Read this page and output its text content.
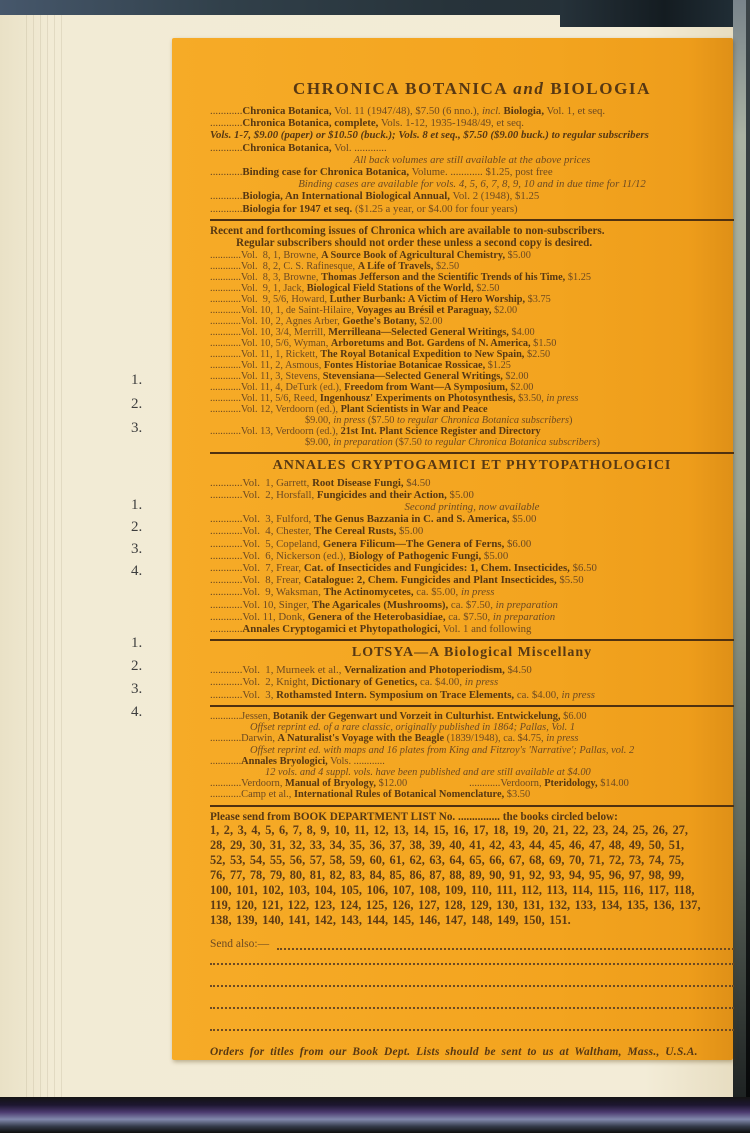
1.
2.
3.
1.
2.
3.
4.
1.
2.
3.
4.
CHRONICA BOTANICA and BIOLOGIA
............Chronica Botanica, Vol. 11 (1947/48), $7.50 (6 nno.), incl. Biologia, Vol. 1, et seq.
............Chronica Botanica, complete, Vols. 1-12, 1935-1948/49, et seq.
Vols. 1-7, $9.00 (paper) or $10.50 (buck.); Vols. 8 et seq., $7.50 ($9.00 buck.) to regular subscribers
............Chronica Botanica, Vol. ............
All back volumes are still available at the above prices
............Binding case for Chronica Botanica, Volume. ............ $1.25, post free
Binding cases are available for vols. 4, 5, 6, 7, 8, 9, 10 and in due time for 11/12
............Biologia, An International Biological Annual, Vol. 2 (1948), $1.25
............Biologia for 1947 et seq. ($1.25 a year, or $4.00 for four years)
Recent and forthcoming issues of Chronica which are available to non-subscribers.
Regular subscribers should not order these unless a second copy is desired.
............Vol.  8, 1, Browne, A Source Book of Agricultural Chemistry, $5.00
............Vol.  8, 2, C. S. Rafinesque, A Life of Travels, $2.50
............Vol.  8, 3, Browne, Thomas Jefferson and the Scientific Trends of his Time, $1.25
............Vol.  9, 1, Jack, Biological Field Stations of the World, $2.50
............Vol.  9, 5/6, Howard, Luther Burbank: A Victim of Hero Worship, $3.75
............Vol. 10, 1, de Saint-Hilaire, Voyages au Brésil et Paraguay, $2.00
............Vol. 10, 2, Agnes Arber, Goethe's Botany, $2.00
............Vol. 10, 3/4, Merrill, Merrilleana—Selected General Writings, $4.00
............Vol. 10, 5/6, Wyman, Arboretums and Bot. Gardens of N. America, $1.50
............Vol. 11, 1, Rickett, The Royal Botanical Expedition to New Spain, $2.50
............Vol. 11, 2, Asmous, Fontes Historiae Botanicae Rossicae, $1.25
............Vol. 11, 3, Stevens, Stevensiana—Selected General Writings, $2.00
............Vol. 11, 4, DeTurk (ed.), Freedom from Want—A Symposium, $2.00
............Vol. 11, 5/6, Reed, Ingenhousz' Experiments on Photosynthesis, $3.50, in press
............Vol. 12, Verdoorn (ed.), Plant Scientists in War and Peace
$9.00, in press ($7.50 to regular Chronica Botanica subscribers)
............Vol. 13, Verdoorn (ed.), 21st Int. Plant Science Register and Directory
$9.00, in preparation ($7.50 to regular Chronica Botanica subscribers)
ANNALES CRYPTOGAMICI ET PHYTOPATHOLOGICI
............Vol.  1, Garrett, Root Disease Fungi, $4.50
............Vol.  2, Horsfall, Fungicides and their Action, $5.00
Second printing, now available
............Vol.  3, Fulford, The Genus Bazzania in C. and S. America, $5.00
............Vol.  4, Chester, The Cereal Rusts, $5.00
............Vol.  5, Copeland, Genera Filicum—The Genera of Ferns, $6.00
............Vol.  6, Nickerson (ed.), Biology of Pathogenic Fungi, $5.00
............Vol.  7, Frear, Cat. of Insecticides and Fungicides: 1, Chem. Insecticides, $6.50
............Vol.  8, Frear, Catalogue: 2, Chem. Fungicides and Plant Insecticides, $5.50
............Vol.  9, Waksman, The Actinomycetes, ca. $5.00, in press
............Vol. 10, Singer, The Agaricales (Mushrooms), ca. $7.50, in preparation
............Vol. 11, Donk, Genera of the Heterobasidiae, ca. $7.50, in preparation
............Annales Cryptogamici et Phytopathologici, Vol. 1 and following
LOTSYA—A Biological Miscellany
............Vol.  1, Murneek et al., Vernalization and Photoperiodism, $4.50
............Vol.  2, Knight, Dictionary of Genetics, ca. $4.00, in press
............Vol.  3, Rothamsted Intern. Symposium on Trace Elements, ca. $4.00, in press
............Jessen, Botanik der Gegenwart und Vorzeit in Culturhist. Entwickelung, $6.00
Offset reprint ed. of a rare classic, originally published in 1864; Pallas, Vol. 1
............Darwin, A Naturalist's Voyage with the Beagle (1839/1948), ca. $4.75, in press
Offset reprint ed. with maps and 16 plates from King and Fitzroy's 'Narrative'; Pallas, vol. 2
............Annales Bryologici, Vols. ............
12 vols. and 4 suppl. vols. have been published and are still available at $4.00
............Verdoorn, Manual of Bryology, $12.00	............Verdoorn, Pteridology, $14.00
............Camp et al., International Rules of Botanical Nomenclature, $3.50
Please send from BOOK DEPARTMENT LIST No. ............... the books circled below:
1, 2, 3, 4, 5, 6, 7, 8, 9, 10, 11, 12, 13, 14, 15, 16, 17, 18, 19, 20, 21, 22, 23, 24, 25, 26, 27,
28, 29, 30, 31, 32, 33, 34, 35, 36, 37, 38, 39, 40, 41, 42, 43, 44, 45, 46, 47, 48, 49, 50, 51,
52, 53, 54, 55, 56, 57, 58, 59, 60, 61, 62, 63, 64, 65, 66, 67, 68, 69, 70, 71, 72, 73, 74, 75,
76, 77, 78, 79, 80, 81, 82, 83, 84, 85, 86, 87, 88, 89, 90, 91, 92, 93, 94, 95, 96, 97, 98, 99,
100, 101, 102, 103, 104, 105, 106, 107, 108, 109, 110, 111, 112, 113, 114, 115, 116, 117, 118,
119, 120, 121, 122, 123, 124, 125, 126, 127, 128, 129, 130, 131, 132, 133, 134, 135, 136, 137,
138, 139, 140, 141, 142, 143, 144, 145, 146, 147, 148, 149, 150, 151.
Send also:—
Orders for titles from our Book Dept. Lists should be sent to us at Waltham, Mass., U.S.A.
